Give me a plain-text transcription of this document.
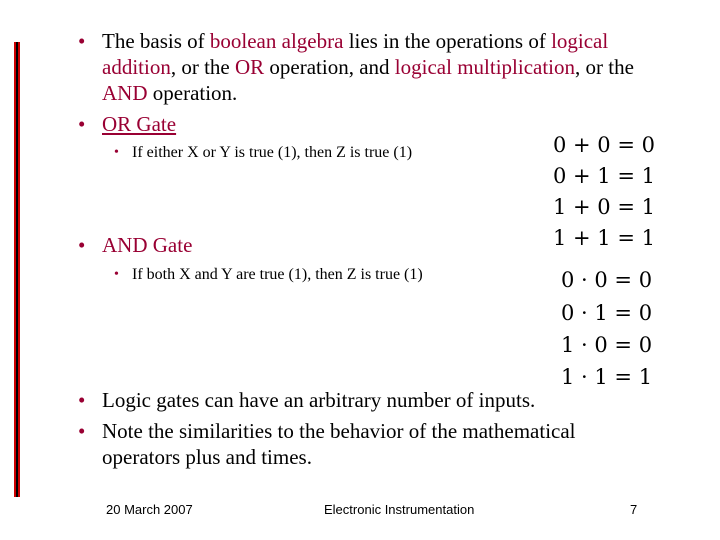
• The basis of boolean algebra lies in the operations of logical addition, or the OR operation, and logical multiplication, or the AND operation.
• OR Gate
• If either X or Y is true (1), then Z is true (1)	0 + 0 = 0
0 + 1 = 1
1 + 0 = 1
1 + 1 = 1
• AND Gate
• If both X and Y are true (1), then Z is true (1)	0 · 0 = 0
0 · 1 = 0
1 · 0 = 0
1 · 1 = 1
• Logic gates can have an arbitrary number of inputs.
• Note the similarities to the behavior of the mathematical operators plus and times.
20 March 2007	Electronic Instrumentation	7
